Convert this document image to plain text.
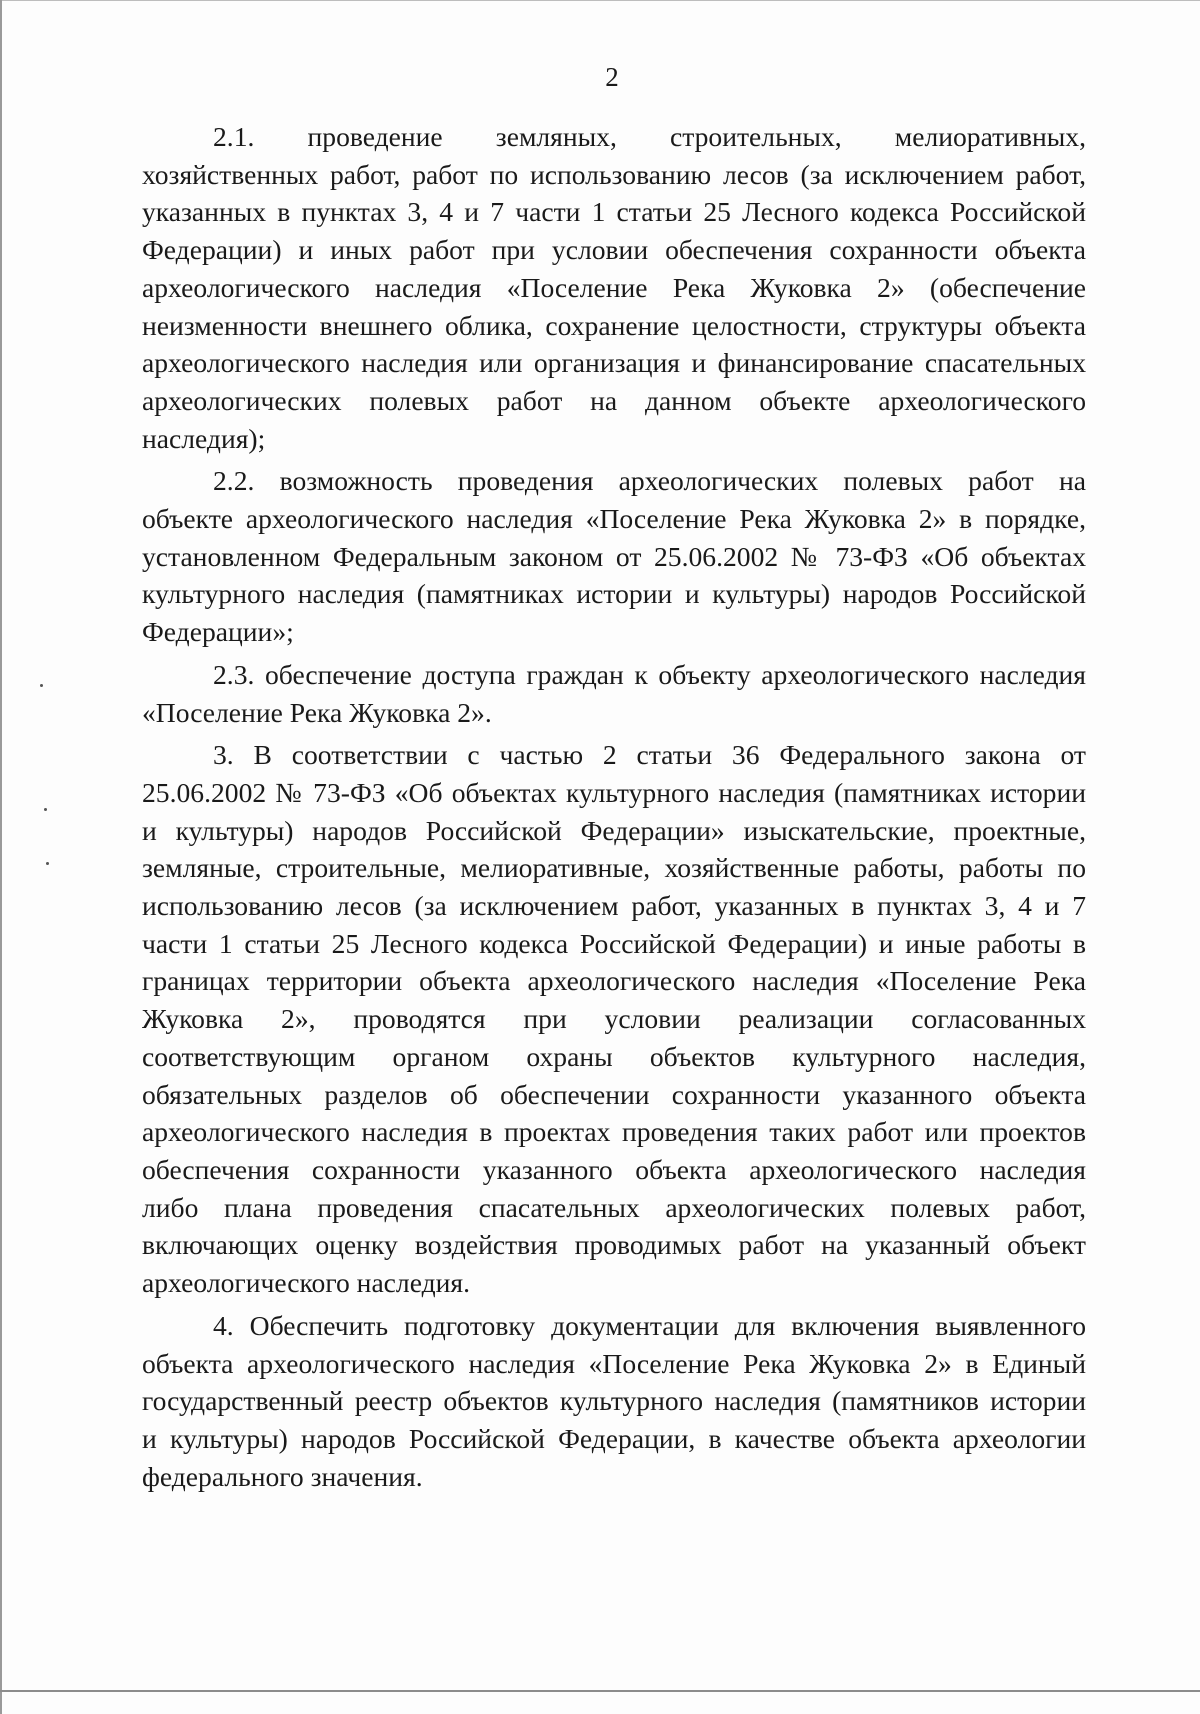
2
2.1. проведение земляных, строительных, мелиоративных,
хозяйственных работ, работ по использованию лесов (за исключением работ,
указанных в пунктах 3, 4 и 7 части 1 статьи 25 Лесного кодекса Российской
Федерации) и иных работ при условии обеспечения сохранности объекта
археологического наследия «Поселение Река Жуковка 2» (обеспечение
неизменности внешнего облика, сохранение целостности, структуры объекта
археологического наследия или организация и финансирование спасательных
археологических полевых работ на данном объекте археологического
наследия);
2.2. возможность проведения археологических полевых работ на
объекте археологического наследия «Поселение Река Жуковка 2» в порядке,
установленном Федеральным законом от 25.06.2002 № 73-ФЗ «Об объектах
культурного наследия (памятниках истории и культуры) народов Российской
Федерации»;
2.3. обеспечение доступа граждан к объекту археологического наследия
«Поселение Река Жуковка 2».
3. В соответствии с частью 2 статьи 36 Федерального закона от
25.06.2002 № 73-ФЗ «Об объектах культурного наследия (памятниках истории
и культуры) народов Российской Федерации» изыскательские, проектные,
земляные, строительные, мелиоративные, хозяйственные работы, работы по
использованию лесов (за исключением работ, указанных в пунктах 3, 4 и 7
части 1 статьи 25 Лесного кодекса Российской Федерации) и иные работы в
границах территории объекта археологического наследия «Поселение Река
Жуковка 2», проводятся при условии реализации согласованных
соответствующим органом охраны объектов культурного наследия,
обязательных разделов об обеспечении сохранности указанного объекта
археологического наследия в проектах проведения таких работ или проектов
обеспечения сохранности указанного объекта археологического наследия
либо плана проведения спасательных археологических полевых работ,
включающих оценку воздействия проводимых работ на указанный объект
археологического наследия.
4. Обеспечить подготовку документации для включения выявленного
объекта археологического наследия «Поселение Река Жуковка 2» в Единый
государственный реестр объектов культурного наследия (памятников истории
и культуры) народов Российской Федерации, в качестве объекта археологии
федерального значения.
